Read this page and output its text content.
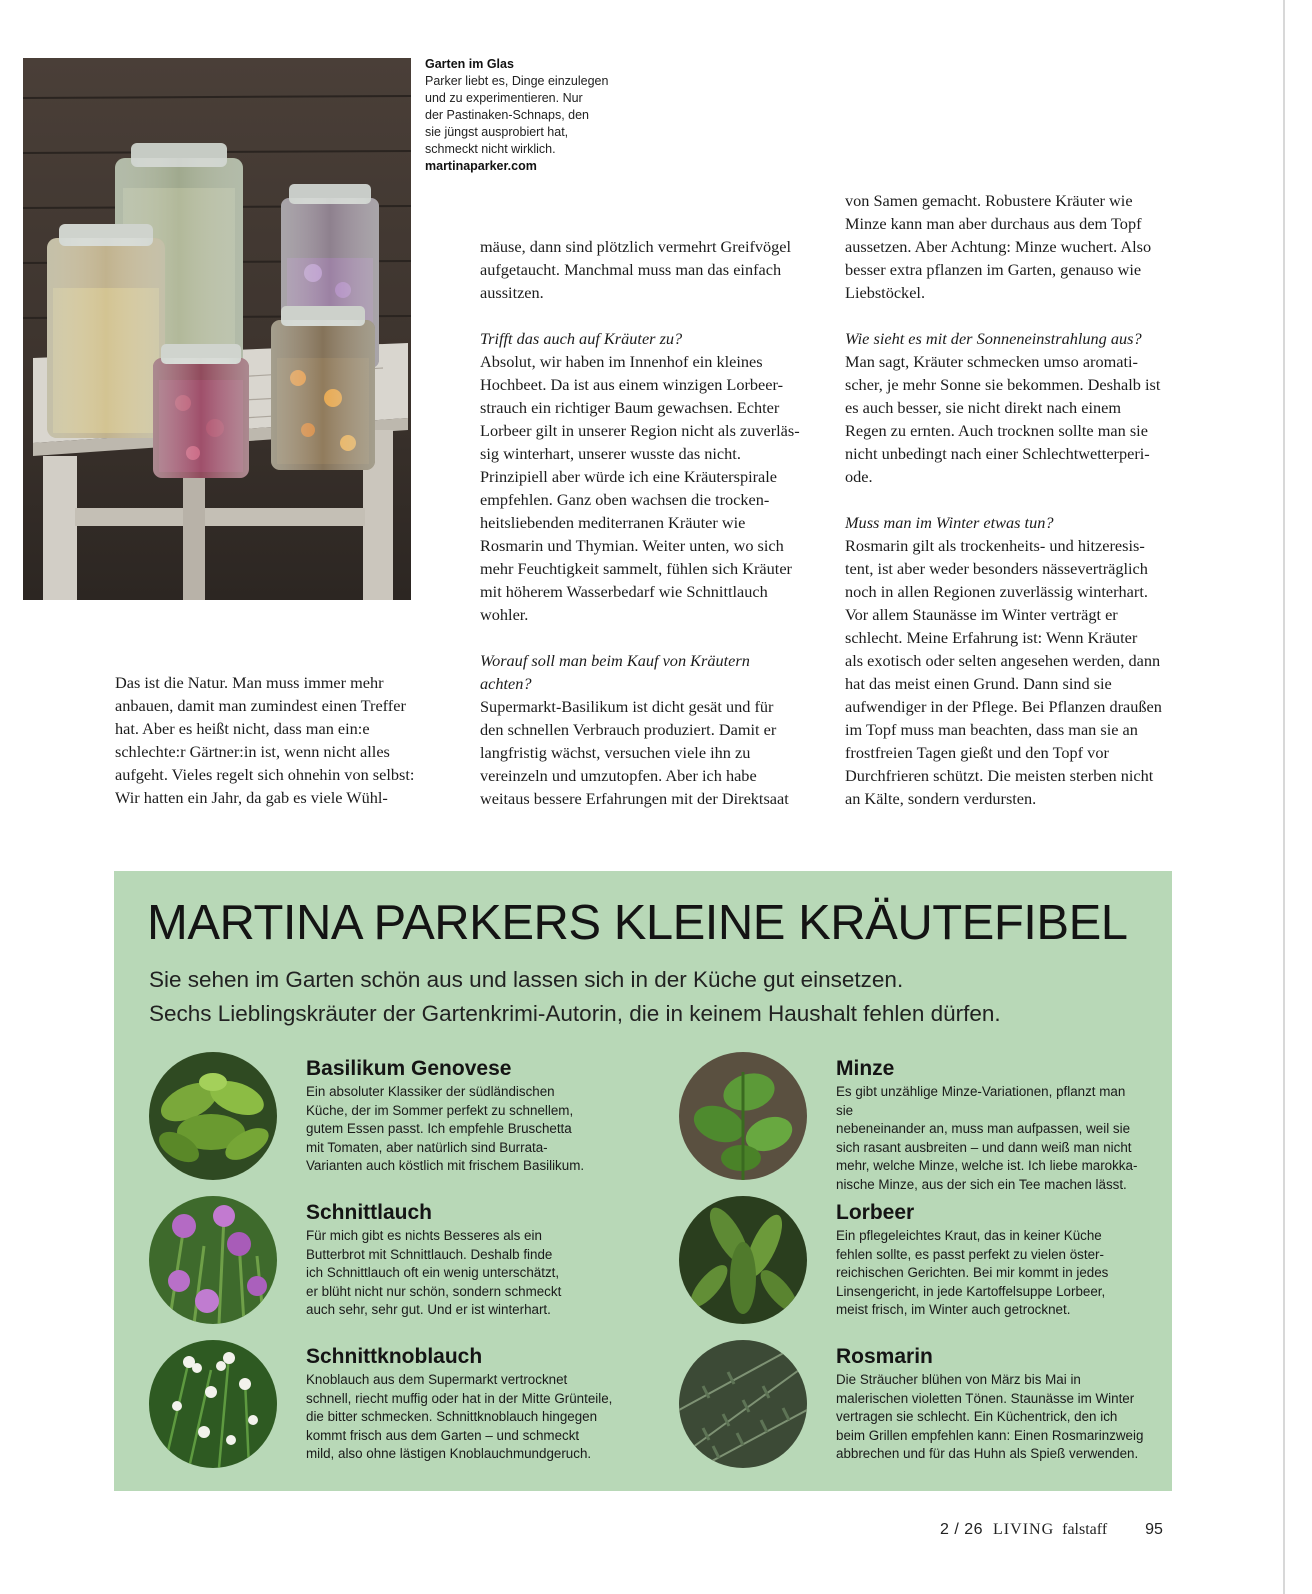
Garten im Glas
Parker liebt es, Dinge einzulegen
und zu experimentieren. Nur
der Pastinaken-Schnaps, den
sie jüngst ausprobiert hat,
schmeckt nicht wirklich.
martinaparker.com

Das ist die Natur. Man muss immer mehr

anbauen, damit man zumindest einen Treffer

hat. Aber es heißt nicht, dass man ein:e

schlechte:r Gärtner:in ist, wenn nicht alles

aufgeht. Vieles regelt sich ohnehin von selbst:

Wir hatten ein Jahr, da gab es viele Wühl-

mäuse, dann sind plötzlich vermehrt Greifvögel

aufgetaucht. Manchmal muss man das einfach

aussitzen.

Trifft das auch auf Kräuter zu?

Absolut, wir haben im Innenhof ein kleines

Hochbeet. Da ist aus einem winzigen Lorbeer-

strauch ein richtiger Baum gewachsen. Echter

Lorbeer gilt in unserer Region nicht als zuverläs-

sig winterhart, unserer wusste das nicht.

Prinzipiell aber würde ich eine Kräuterspirale

empfehlen. Ganz oben wachsen die trocken-

heitsliebenden mediterranen Kräuter wie

Rosmarin und Thymian. Weiter unten, wo sich

mehr Feuchtigkeit sammelt, fühlen sich Kräuter

mit höherem Wasserbedarf wie Schnittlauch

wohler.

Worauf soll man beim Kauf von Kräutern

achten?

Supermarkt-Basilikum ist dicht gesät und für

den schnellen Verbrauch produziert. Damit er

langfristig wächst, versuchen viele ihn zu

vereinzeln und umzutopfen. Aber ich habe

weitaus bessere Erfahrungen mit der Direktsaat

von Samen gemacht. Robustere Kräuter wie

Minze kann man aber durchaus aus dem Topf

aussetzen. Aber Achtung: Minze wuchert. Also

besser extra pflanzen im Garten, genauso wie

Liebstöckel.

Wie sieht es mit der Sonneneinstrahlung aus?

Man sagt, Kräuter schmecken umso aromati-

scher, je mehr Sonne sie bekommen. Deshalb ist

es auch besser, sie nicht direkt nach einem

Regen zu ernten. Auch trocknen sollte man sie

nicht unbedingt nach einer Schlechtwetterperi-

ode.

Muss man im Winter etwas tun?

Rosmarin gilt als trockenheits- und hitzeresis-

tent, ist aber weder besonders nässeverträglich

noch in allen Regionen zuverlässig winterhart.

Vor allem Staunässe im Winter verträgt er

schlecht. Meine Erfahrung ist: Wenn Kräuter

als exotisch oder selten angesehen werden, dann

hat das meist einen Grund. Dann sind sie

aufwendiger in der Pflege. Bei Pflanzen draußen

im Topf muss man beachten, dass man sie an

frostfreien Tagen gießt und den Topf vor

Durchfrieren schützt. Die meisten sterben nicht

an Kälte, sondern verdursten.

MARTINA PARKERS KLEINE KRÄUTEFIBEL
Sie sehen im Garten schön aus und lassen sich in der Küche gut einsetzen.
Sechs Lieblingskräuter der Gartenkrimi-Autorin, die in keinem Haushalt fehlen dürfen.
Basilikum Genovese
Ein absoluter Klassiker der südländischen
Küche, der im Sommer perfekt zu schnellem,
gutem Essen passt. Ich empfehle Bruschetta
mit Tomaten, aber natürlich sind Burrata-
Varianten auch köstlich mit frischem Basilikum.
Minze
Es gibt unzählige Minze-Variationen, pflanzt man sie
nebeneinander an, muss man aufpassen, weil sie
sich rasant ausbreiten – und dann weiß man nicht
mehr, welche Minze, welche ist. Ich liebe marokka-
nische Minze, aus der sich ein Tee machen lässt.
Schnittlauch
Für mich gibt es nichts Besseres als ein
Butterbrot mit Schnittlauch. Deshalb finde
ich Schnittlauch oft ein wenig unterschätzt,
er blüht nicht nur schön, sondern schmeckt
auch sehr, sehr gut. Und er ist winterhart.
Lorbeer
Ein pflegeleichtes Kraut, das in keiner Küche
fehlen sollte, es passt perfekt zu vielen öster-
reichischen Gerichten. Bei mir kommt in jedes
Linsengericht, in jede Kartoffelsuppe Lorbeer,
meist frisch, im Winter auch getrocknet.
Schnittknoblauch
Knoblauch aus dem Supermarkt vertrocknet
schnell, riecht muffig oder hat in der Mitte Grünteile,
die bitter schmecken. Schnittknoblauch hingegen
kommt frisch aus dem Garten – und schmeckt
mild, also ohne lästigen Knoblauchmundgeruch.
Rosmarin
Die Sträucher blühen von März bis Mai in
malerischen violetten Tönen. Staunässe im Winter
vertragen sie schlecht. Ein Küchentrick, den ich
beim Grillen empfehlen kann: Einen Rosmarinzweig
abbrechen und für das Huhn als Spieß verwenden.
2 / 26 LIVING falstaff 95
